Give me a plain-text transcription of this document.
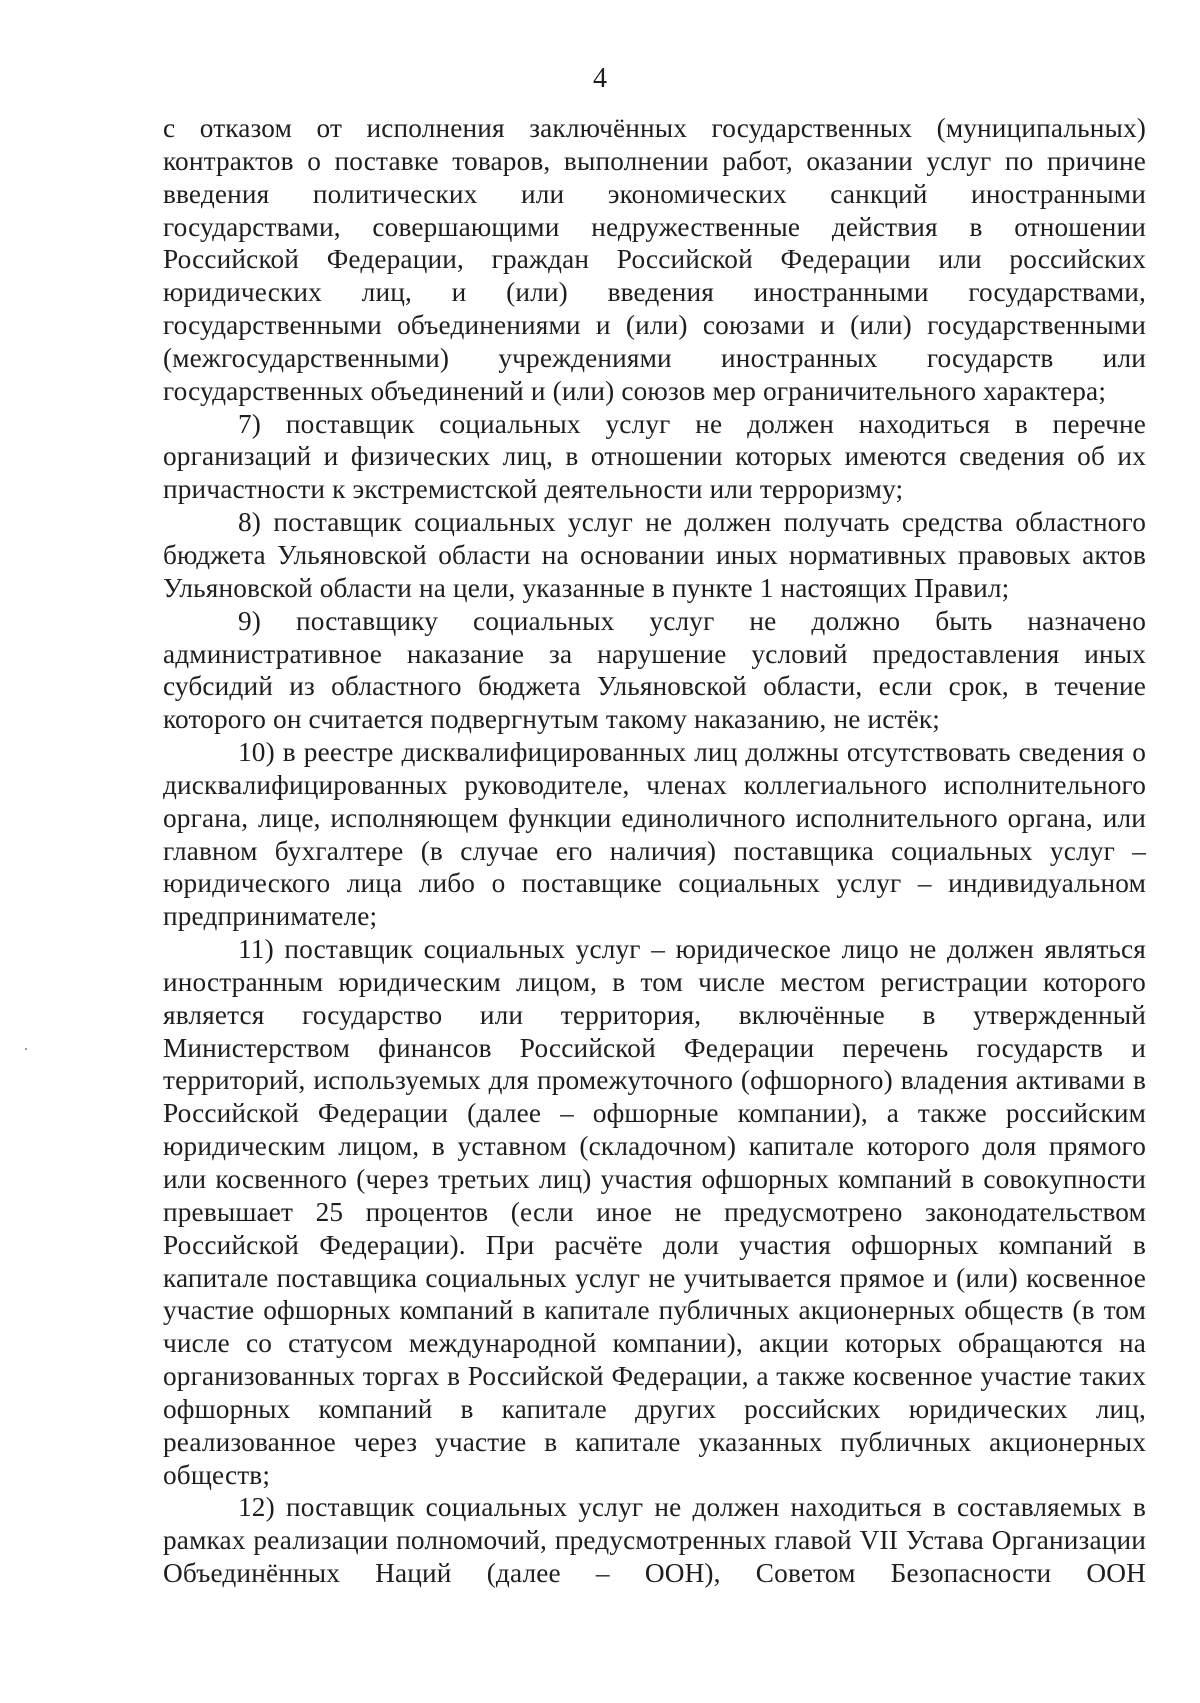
4

с отказом от исполнения заключённых государственных (муниципальных) контрактов о поставке товаров, выполнении работ, оказании услуг по причине введения политических или экономических санкций иностранными государствами, совершающими недружественные действия в отношении Российской Федерации, граждан Российской Федерации или российских юридических лиц, и (или) введения иностранными государствами, государственными объединениями и (или) союзами и (или) государственными (межгосударственными) учреждениями иностранных государств или государственных объединений и (или) союзов мер ограничительного характера;

7) поставщик социальных услуг не должен находиться в перечне организаций и физических лиц, в отношении которых имеются сведения об их причастности к экстремистской деятельности или терроризму;

8) поставщик социальных услуг не должен получать средства областного бюджета Ульяновской области на основании иных нормативных правовых актов Ульяновской области на цели, указанные в пункте 1 настоящих Правил;

9) поставщику социальных услуг не должно быть назначено административное наказание за нарушение условий предоставления иных субсидий из областного бюджета Ульяновской области, если срок, в течение которого он считается подвергнутым такому наказанию, не истёк;

10) в реестре дисквалифицированных лиц должны отсутствовать сведения о дисквалифицированных руководителе, членах коллегиального исполнительного органа, лице, исполняющем функции единоличного исполнительного органа, или главном бухгалтере (в случае его наличия) поставщика социальных услуг – юридического лица либо о поставщике социальных услуг – индивидуальном предпринимателе;

11) поставщик социальных услуг – юридическое лицо не должен являться иностранным юридическим лицом, в том числе местом регистрации которого является государство или территория, включённые в утвержденный Министерством финансов Российской Федерации перечень государств и территорий, используемых для промежуточного (офшорного) владения активами в Российской Федерации (далее – офшорные компании), а также российским юридическим лицом, в уставном (складочном) капитале которого доля прямого или косвенного (через третьих лиц) участия офшорных компаний в совокупности превышает 25 процентов (если иное не предусмотрено законодательством Российской Федерации). При расчёте доли участия офшорных компаний в капитале поставщика социальных услуг не учитывается прямое и (или) косвенное участие офшорных компаний в капитале публичных акционерных обществ (в том числе со статусом международной компании), акции которых обращаются на организованных торгах в Российской Федерации, а также косвенное участие таких офшорных компаний в капитале других российских юридических лиц, реализованное через участие в капитале указанных публичных акционерных обществ;

12) поставщик социальных услуг не должен находиться в составляемых в рамках реализации полномочий, предусмотренных главой VII Устава Организации Объединённых Наций (далее – ООН), Советом Безопасности ООН
